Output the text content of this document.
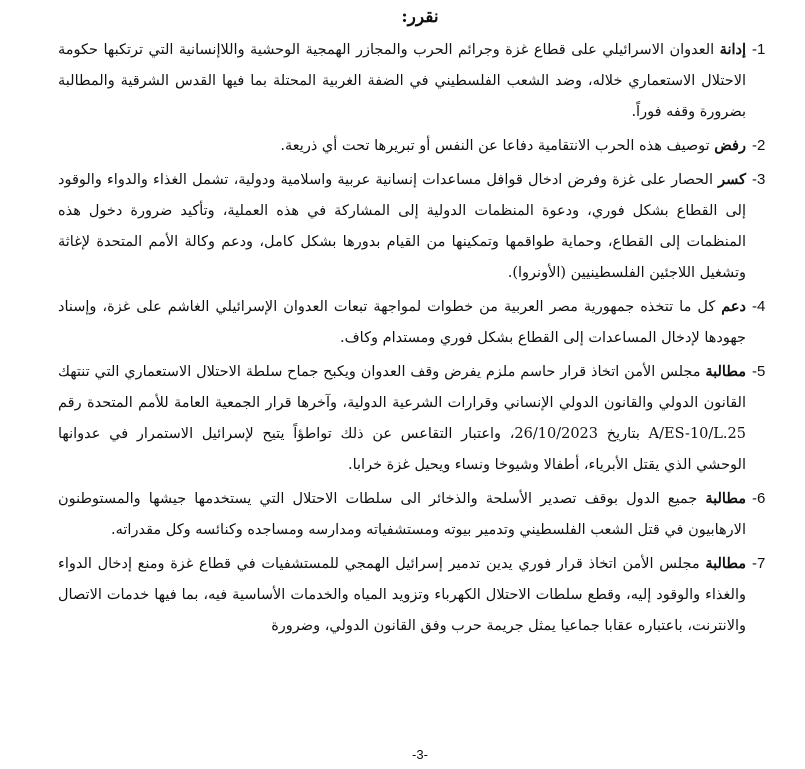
نقرر:
-1
إدانة العدوان الاسرائيلي على قطاع غزة وجرائم الحرب والمجازر الهمجية الوحشية واللاإنسانية التي ترتكبها حكومة الاحتلال الاستعماري خلاله، وضد الشعب الفلسطيني في الضفة الغربية المحتلة بما فيها القدس الشرقية والمطالبة بضرورة وقفه فوراً.
-2
رفض توصيف هذه الحرب الانتقامية دفاعا عن النفس أو تبريرها تحت أي ذريعة.
-3
كسر الحصار على غزة وفرض ادخال قوافل مساعدات إنسانية عربية واسلامية ودولية، تشمل الغذاء والدواء والوقود إلى القطاع بشكل فوري، ودعوة المنظمات الدولية إلى المشاركة في هذه العملية، وتأكيد ضرورة دخول هذه المنظمات إلى القطاع، وحماية طواقمها وتمكينها من القيام بدورها بشكل كامل، ودعم وكالة الأمم المتحدة لإغاثة وتشغيل اللاجئين الفلسطينيين (الأونروا).
-4
دعم كل ما تتخذه جمهورية مصر العربية من خطوات لمواجهة تبعات العدوان الإسرائيلي الغاشم على غزة، وإسناد جهودها لإدخال المساعدات إلى القطاع بشكل فوري ومستدام وكاف.
-5
مطالبة مجلس الأمن اتخاذ قرار حاسم ملزم يفرض وقف العدوان ويكبح جماح سلطة الاحتلال الاستعماري التي تنتهك القانون الدولي والقانون الدولي الإنساني وقرارات الشرعية الدولية، وآخرها قرار الجمعية العامة للأمم المتحدة رقم A/ES-10/L.25 بتاريخ 26/10/2023، واعتبار التقاعس عن ذلك تواطؤاً يتيح لإسرائيل الاستمرار في عدوانها الوحشي الذي يقتل الأبرياء، أطفالا وشيوخا ونساء ويحيل غزة خرابا.
-6
مطالبة جميع الدول بوقف تصدير الأسلحة والذخائر الى سلطات الاحتلال التي يستخدمها جيشها والمستوطنون الارهابيون في قتل الشعب الفلسطيني وتدمير بيوته ومستشفياته ومدارسه ومساجده وكنائسه وكل مقدراته.
-7
مطالبة مجلس الأمن اتخاذ قرار فوري يدين تدمير إسرائيل الهمجي للمستشفيات في قطاع غزة ومنع إدخال الدواء والغذاء والوقود إليه، وقطع سلطات الاحتلال الكهرباء وتزويد المياه والخدمات الأساسية فيه، بما فيها خدمات الاتصال والانترنت، باعتباره عقابا جماعيا يمثل جريمة حرب وفق القانون الدولي، وضرورة
-3-
